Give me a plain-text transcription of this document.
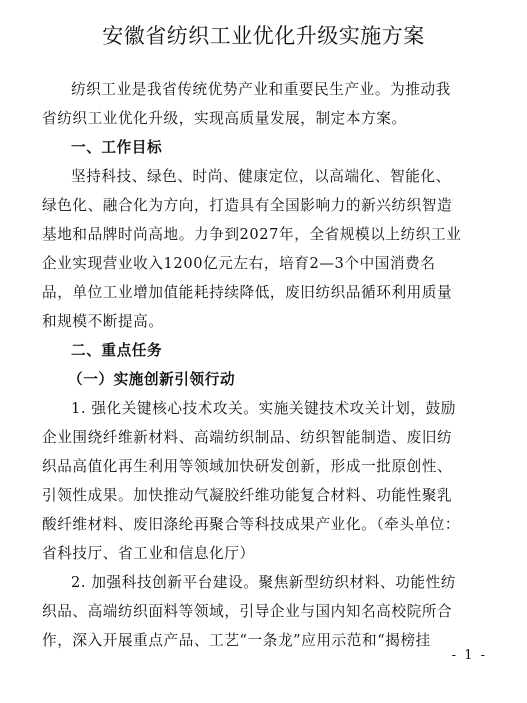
安徽省纺织工业优化升级实施方案
纺织工业是我省传统优势产业和重要民生产业。为推动我
省纺织工业优化升级，实现高质量发展，制定本方案。
一、工作目标
坚持科技、绿色、时尚、健康定位，以高端化、智能化、
绿色化、融合化为方向，打造具有全国影响力的新兴纺织智造
基地和品牌时尚高地。力争到2027年，全省规模以上纺织工业
企业实现营业收入1200亿元左右，培育2—3个中国消费名
品，单位工业增加值能耗持续降低，废旧纺织品循环利用质量
和规模不断提高。
二、重点任务
（一）实施创新引领行动
1. 强化关键核心技术攻关。实施关键技术攻关计划，鼓励
企业围绕纤维新材料、高端纺织制品、纺织智能制造、废旧纺
织品高值化再生利用等领域加快研发创新，形成一批原创性、
引领性成果。加快推动气凝胶纤维功能复合材料、功能性聚乳
酸纤维材料、废旧涤纶再聚合等科技成果产业化。（牵头单位：
省科技厅、省工业和信息化厅）
2. 加强科技创新平台建设。聚焦新型纺织材料、功能性纺
织品、高端纺织面料等领域，引导企业与国内知名高校院所合
作，深入开展重点产品、工艺“一条龙”应用示范和“揭榜挂
- 1 -
